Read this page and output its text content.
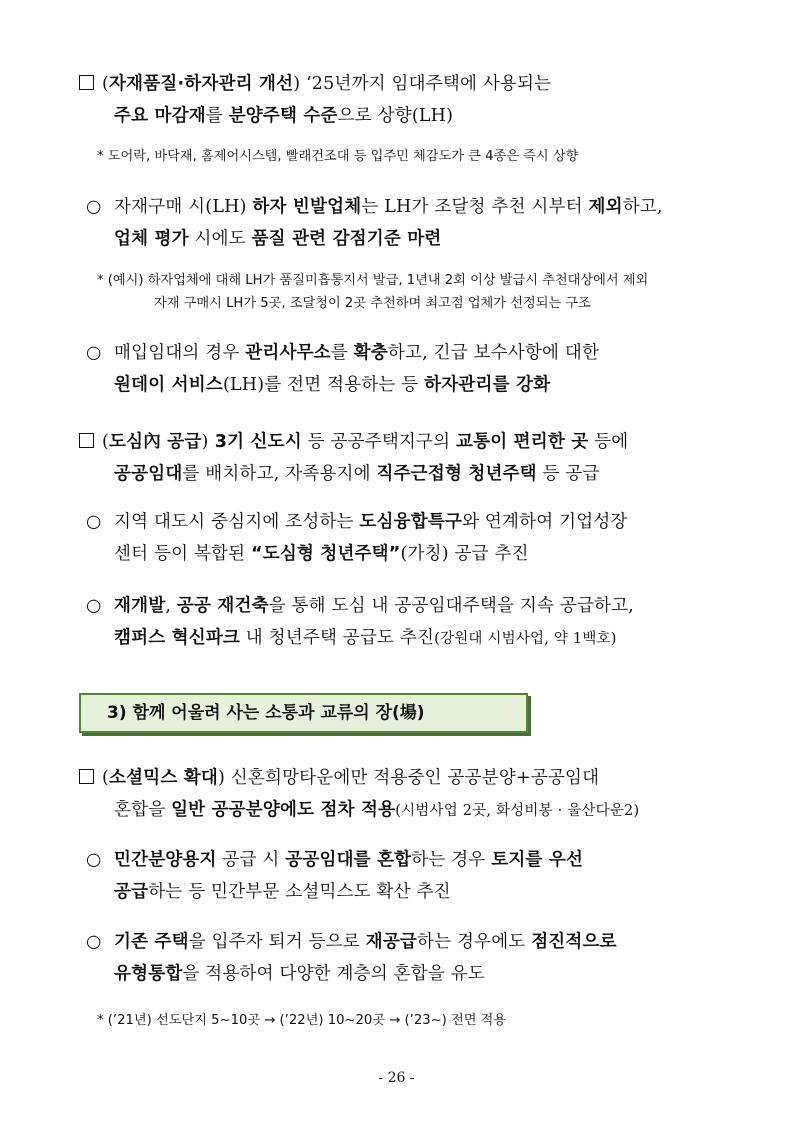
(자재품질·하자관리 개선) ‘25년까지 임대주택에 사용되는
주요 마감재를 분양주택 수준으로 상향(LH)
* 도어락, 바닥재, 홈제어시스템, 빨래건조대 등 입주민 체감도가 큰 4종은 즉시 상향
○ 자재구매 시(LH) 하자 빈발업체는 LH가 조달청 추천 시부터 제외하고,
업체 평가 시에도 품질 관련 감점기준 마련
* (예시) 하자업체에 대해 LH가 품질미흡통지서 발급, 1년내 2회 이상 발급시 추천대상에서 제외
자재 구매시 LH가 5곳, 조달청이 2곳 추천하며 최고점 업체가 선정되는 구조
○ 매입임대의 경우 관리사무소를 확충하고, 긴급 보수사항에 대한
원데이 서비스(LH)를 전면 적용하는 등 하자관리를 강화
(도심內 공급) 3기 신도시 등 공공주택지구의 교통이 편리한 곳 등에
공공임대를 배치하고, 자족용지에 직주근접형 청년주택 등 공급
○ 지역 대도시 중심지에 조성하는 도심융합특구와 연계하여 기업성장
센터 등이 복합된 “도심형 청년주택”(가칭) 공급 추진
○ 재개발, 공공 재건축을 통해 도심 내 공공임대주택을 지속 공급하고,
캠퍼스 혁신파크 내 청년주택 공급도 추진(강원대 시범사업, 약 1백호)
3) 함께 어울려 사는 소통과 교류의 장(場)
(소셜믹스 확대) 신혼희망타운에만 적용중인 공공분양+공공임대
혼합을 일반 공공분양에도 점차 적용(시범사업 2곳, 화성비봉 · 울산다운2)
○ 민간분양용지 공급 시 공공임대를 혼합하는 경우 토지를 우선
공급하는 등 민간부문 소셜믹스도 확산 추진
○ 기존 주택을 입주자 퇴거 등으로 재공급하는 경우에도 점진적으로
유형통합을 적용하여 다양한 계층의 혼합을 유도
* (’21년) 선도단지 5~10곳 → (’22년) 10~20곳 → (’23~) 전면 적용
- 26 -
